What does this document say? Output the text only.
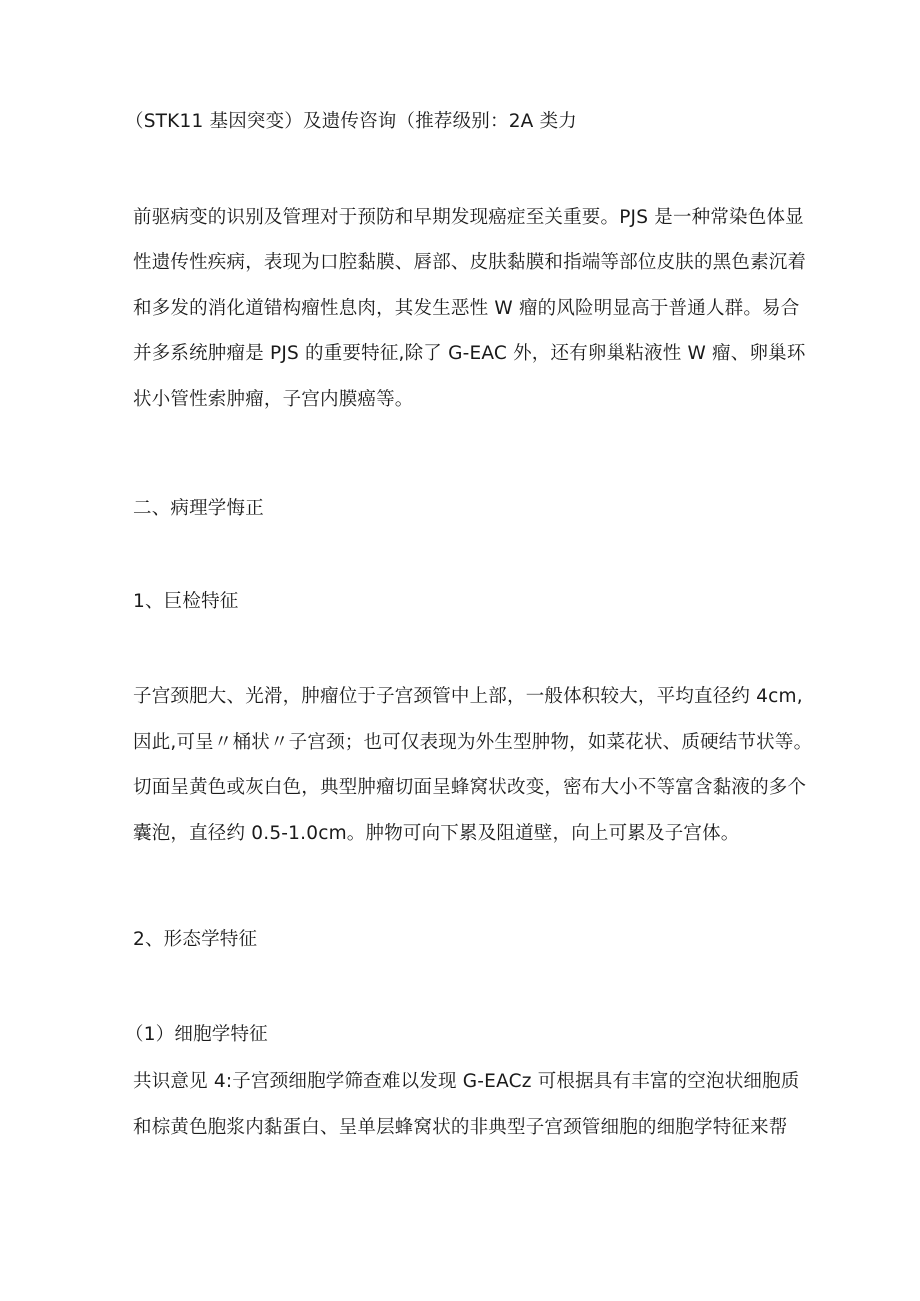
（STK11 基因突变）及遗传咨询（推荐级别：2A 类力
前驱病变的识别及管理对于预防和早期发现癌症至关重要。PJS 是一种常染色体显
性遗传性疾病，表现为口腔黏膜、唇部、皮肤黏膜和指端等部位皮肤的黑色素沉着
和多发的消化道错构瘤性息肉，其发生恶性 W 瘤的风险明显高于普通人群。易合
并多系统肿瘤是 PJS 的重要特征,除了 G-EAC 外，还有卵巢粘液性 W 瘤、卵巢环
状小管性索肿瘤，子宫内膜癌等。
二、病理学悔正
1、巨检特征
子宫颈肥大、光滑，肿瘤位于子宫颈管中上部，一般体积较大，平均直径约 4cm,
因此,可呈〃桶状〃子宫颈；也可仅表现为外生型肿物，如菜花状、质硬结节状等。
切面呈黄色或灰白色，典型肿瘤切面呈蜂窝状改变，密布大小不等富含黏液的多个
囊泡，直径约 0.5-1.0cm。肿物可向下累及阻道壁，向上可累及子宫体。
2、形态学特征
（1）细胞学特征
共识意见 4:子宫颈细胞学筛查难以发现 G-EACz 可根据具有丰富的空泡状细胞质
和棕黄色胞浆内黏蛋白、呈单层蜂窝状的非典型子宫颈管细胞的细胞学特征来帮
